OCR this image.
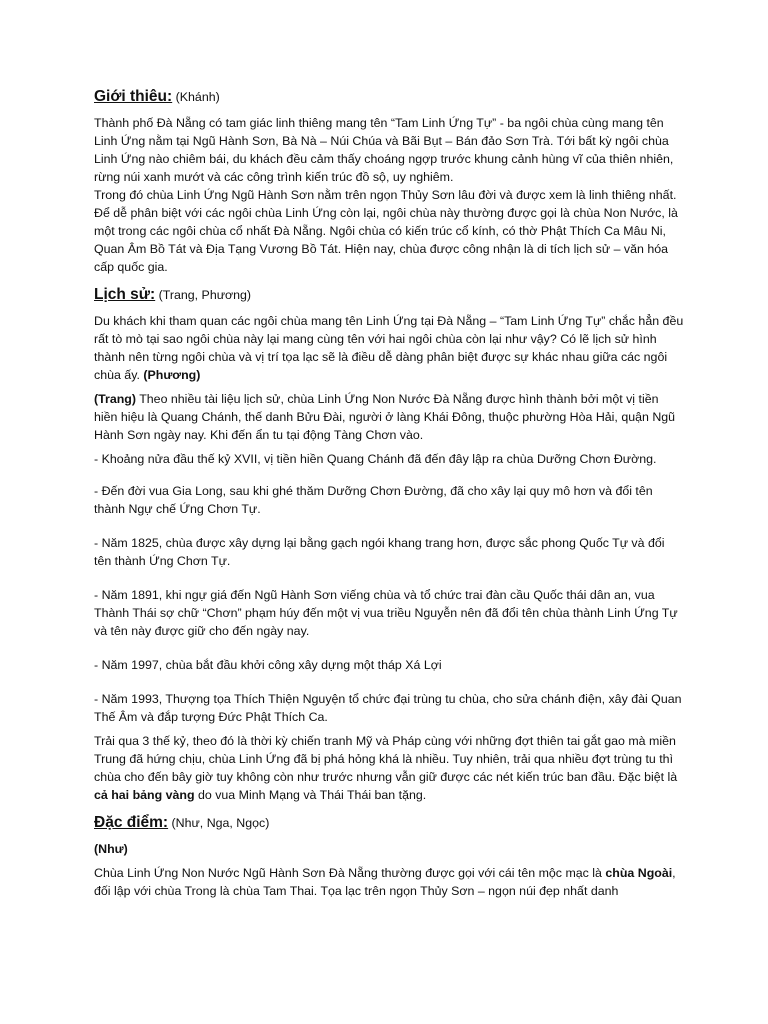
Giới thiêu: (Khánh)

Thành phố Đà Nẵng có tam giác linh thiêng mang tên “Tam Linh Ứng Tự” - ba ngôi chùa cùng mang tên Linh Ứng nằm tại Ngũ Hành Sơn, Bà Nà – Núi Chúa và Bãi Bụt – Bán đảo Sơn Trà. Tới bất kỳ ngôi chùa Linh Ứng nào chiêm bái, du khách đều cảm thấy choáng ngợp trước khung cảnh hùng vĩ của thiên nhiên, rừng núi xanh mướt và các công trình kiến trúc đồ sộ, uy nghiêm.

Trong đó chùa Linh Ứng Ngũ Hành Sơn nằm trên ngọn Thủy Sơn lâu đời và được xem là linh thiêng nhất. Để dễ phân biệt với các ngôi chùa Linh Ứng còn lại, ngôi chùa này thường được gọi là chùa Non Nước, là một trong các ngôi chùa cổ nhất Đà Nẵng. Ngôi chùa có kiến trúc cổ kính, có thờ Phật Thích Ca Mâu Ni, Quan Âm Bồ Tát và Địa Tạng Vương Bồ Tát. Hiện nay, chùa được công nhận là di tích lịch sử – văn hóa cấp quốc gia.

Lịch sử: (Trang, Phương)

Du khách khi tham quan các ngôi chùa mang tên Linh Ứng tại Đà Nẵng – “Tam Linh Ứng Tự” chắc hẳn đều rất tò mò tại sao ngôi chùa này lại mang cùng tên với hai ngôi chùa còn lại như vậy? Có lẽ lịch sử hình thành nên từng ngôi chùa và vị trí tọa lạc sẽ là điều dễ dàng phân biệt được sự khác nhau giữa các ngôi chùa ấy. (Phương)

(Trang) Theo nhiều tài liệu lịch sử, chùa Linh Ứng Non Nước Đà Nẵng được hình thành bởi một vị tiền hiền hiệu là Quang Chánh, thế danh Bửu Đài, người ở làng Khái Đông, thuộc phường Hòa Hải, quận Ngũ Hành Sơn ngày nay. Khi đến ẩn tu tại động Tàng Chơn vào.

- Khoảng nửa đầu thế kỷ XVII, vị tiền hiền Quang Chánh đã đến đây lập ra chùa Dưỡng Chơn Đường.

- Đến đời vua Gia Long, sau khi ghé thăm Dưỡng Chơn Đường, đã cho xây lại quy mô hơn và đổi tên thành Ngự chế Ứng Chơn Tự.

- Năm 1825, chùa được xây dựng lại bằng gạch ngói khang trang hơn, được sắc phong Quốc Tự và đổi tên thành Ứng Chơn Tự.

- Năm 1891, khi ngự giá đến Ngũ Hành Sơn viếng chùa và tổ chức trai đàn cầu Quốc thái dân an, vua Thành Thái sợ chữ “Chơn” phạm húy đến một vị vua triều Nguyễn nên đã đổi tên chùa thành Linh Ứng Tự và tên này được giữ cho đến ngày nay.

- Năm 1997, chùa bắt đầu khởi công xây dựng một tháp Xá Lợi

- Năm 1993, Thượng tọa Thích Thiện Nguyện tổ chức đại trùng tu chùa, cho sửa chánh điện, xây đài Quan Thế Âm và đắp tượng Đức Phật Thích Ca.

Trải qua 3 thế kỷ, theo đó là thời kỳ chiến tranh Mỹ và Pháp cùng với những đợt thiên tai gắt gao mà miền Trung đã hứng chịu, chùa Linh Ứng đã bị phá hỏng khá là nhiều. Tuy nhiên, trải qua nhiều đợt trùng tu thì chùa cho đến bây giờ tuy không còn như trước nhưng vẫn giữ được các nét kiến trúc ban đầu. Đặc biệt là cả hai bảng vàng do vua Minh Mạng và Thái Thái ban tặng.

Đặc điểm: (Như, Nga, Ngọc)

(Như)

Chùa Linh Ứng Non Nước Ngũ Hành Sơn Đà Nẵng thường được gọi với cái tên mộc mạc là chùa Ngoài, đối lập với chùa Trong là chùa Tam Thai. Tọa lạc trên ngọn Thủy Sơn – ngọn núi đẹp nhất danh
